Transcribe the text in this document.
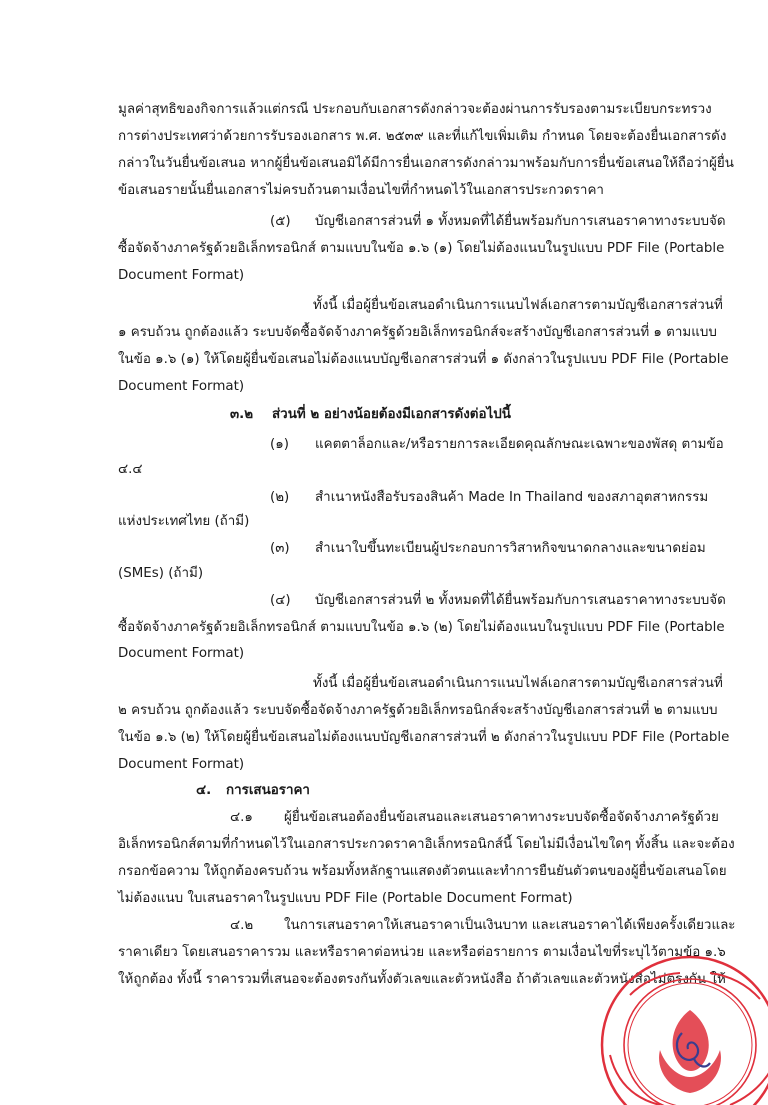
มูลค่าสุทธิของกิจการแล้วแต่กรณี ประกอบกับเอกสารดังกล่าวจะต้องผ่านการรับรองตามระเบียบกระทรวง
การต่างประเทศว่าด้วยการรับรองเอกสาร พ.ศ. ๒๕๓๙ และที่แก้ไขเพิ่มเติม กำหนด โดยจะต้องยื่นเอกสารดัง
กล่าวในวันยื่นข้อเสนอ หากผู้ยื่นข้อเสนอมิได้มีการยื่นเอกสารดังกล่าวมาพร้อมกับการยื่นข้อเสนอให้ถือว่าผู้ยื่น
ข้อเสนอรายนั้นยื่นเอกสารไม่ครบถ้วนตามเงื่อนไขที่กำหนดไว้ในเอกสารประกวดราคา
(๕)	บัญชีเอกสารส่วนที่ ๑ ทั้งหมดที่ได้ยื่นพร้อมกับการเสนอราคาทางระบบจัด
ซื้อจัดจ้างภาครัฐด้วยอิเล็กทรอนิกส์ ตามแบบในข้อ ๑.๖ (๑) โดยไม่ต้องแนบในรูปแบบ PDF File (Portable
Document Format)
ทั้งนี้ เมื่อผู้ยื่นข้อเสนอดำเนินการแนบไฟล์เอกสารตามบัญชีเอกสารส่วนที่
๑ ครบถ้วน ถูกต้องแล้ว ระบบจัดซื้อจัดจ้างภาครัฐด้วยอิเล็กทรอนิกส์จะสร้างบัญชีเอกสารส่วนที่ ๑ ตามแบบ
ในข้อ ๑.๖ (๑) ให้โดยผู้ยื่นข้อเสนอไม่ต้องแนบบัญชีเอกสารส่วนที่ ๑ ดังกล่าวในรูปแบบ PDF File (Portable
Document Format)
๓.๒	ส่วนที่ ๒ อย่างน้อยต้องมีเอกสารดังต่อไปนี้
(๑)	แคตตาล็อกและ/หรือรายการละเอียดคุณลักษณะเฉพาะของพัสดุ ตามข้อ
๔.๔
(๒)	สำเนาหนังสือรับรองสินค้า Made In Thailand ของสภาอุตสาหกรรม
แห่งประเทศไทย (ถ้ามี)
(๓)	สำเนาใบขึ้นทะเบียนผู้ประกอบการวิสาหกิจขนาดกลางและขนาดย่อม
(SMEs) (ถ้ามี)
(๔)	บัญชีเอกสารส่วนที่ ๒ ทั้งหมดที่ได้ยื่นพร้อมกับการเสนอราคาทางระบบจัด
ซื้อจัดจ้างภาครัฐด้วยอิเล็กทรอนิกส์ ตามแบบในข้อ ๑.๖ (๒) โดยไม่ต้องแนบในรูปแบบ PDF File (Portable
Document Format)
ทั้งนี้ เมื่อผู้ยื่นข้อเสนอดำเนินการแนบไฟล์เอกสารตามบัญชีเอกสารส่วนที่
๒ ครบถ้วน ถูกต้องแล้ว ระบบจัดซื้อจัดจ้างภาครัฐด้วยอิเล็กทรอนิกส์จะสร้างบัญชีเอกสารส่วนที่ ๒ ตามแบบ
ในข้อ ๑.๖ (๒) ให้โดยผู้ยื่นข้อเสนอไม่ต้องแนบบัญชีเอกสารส่วนที่ ๒ ดังกล่าวในรูปแบบ PDF File (Portable
Document Format)
๔.	การเสนอราคา
๔.๑	ผู้ยื่นข้อเสนอต้องยื่นข้อเสนอและเสนอราคาทางระบบจัดซื้อจัดจ้างภาครัฐด้วย
อิเล็กทรอนิกส์ตามที่กำหนดไว้ในเอกสารประกวดราคาอิเล็กทรอนิกส์นี้ โดยไม่มีเงื่อนไขใดๆ ทั้งสิ้น และจะต้อง
กรอกข้อความ ให้ถูกต้องครบถ้วน พร้อมทั้งหลักฐานแสดงตัวตนและทำการยืนยันตัวตนของผู้ยื่นข้อเสนอโดย
ไม่ต้องแนบ ใบเสนอราคาในรูปแบบ PDF File (Portable Document Format)
๔.๒	ในการเสนอราคาให้เสนอราคาเป็นเงินบาท และเสนอราคาได้เพียงครั้งเดียวและ
ราคาเดียว โดยเสนอราคารวม และหรือราคาต่อหน่วย และหรือต่อรายการ ตามเงื่อนไขที่ระบุไว้ตามข้อ ๑.๖
ให้ถูกต้อง ทั้งนี้ ราคารวมที่เสนอจะต้องตรงกันทั้งตัวเลขและตัวหนังสือ ถ้าตัวเลขและตัวหนังสือไม่ตรงกัน ให้
